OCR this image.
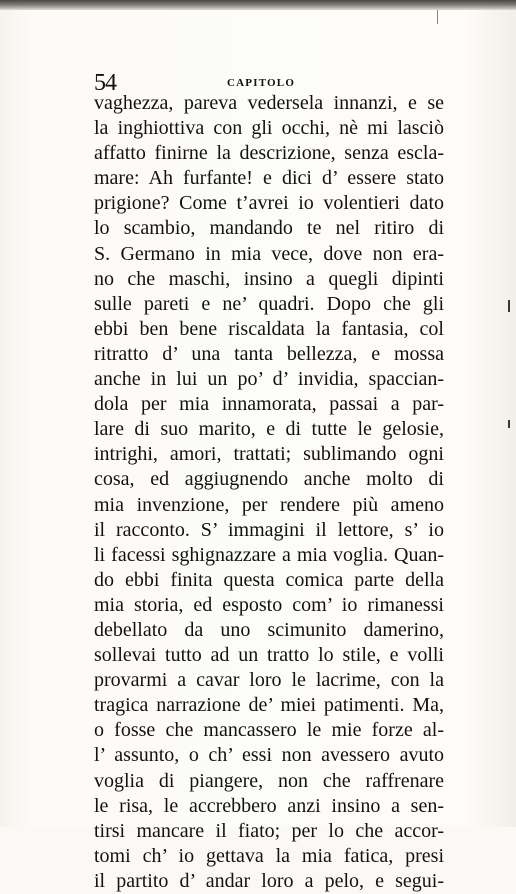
54	CAPITOLO
vaghezza, pareva vedersela innanzi, e se
la inghiottiva con gli occhi, nè mi lasciò
affatto finirne la descrizione, senza escla-
mare: Ah furfante! e dici d’ essere stato
prigione? Come t’avrei io volentieri dato
lo scambio, mandando te nel ritiro di
S. Germano in mia vece, dove non era-
no che maschi, insino a quegli dipinti
sulle pareti e ne’ quadri. Dopo che gli
ebbi ben bene riscaldata la fantasia, col
ritratto d’ una tanta bellezza, e mossa
anche in lui un po’ d’ invidia, spaccian-
dola per mia innamorata, passai a par-
lare di suo marito, e di tutte le gelosie,
intrighi, amori, trattati; sublimando ogni
cosa, ed aggiugnendo anche molto di
mia invenzione, per rendere più ameno
il racconto. S’ immagini il lettore, s’ io
li facessi sghignazzare a mia voglia. Quan-
do ebbi finita questa comica parte della
mia storia, ed esposto com’ io rimanessi
debellato da uno scimunito damerino,
sollevai tutto ad un tratto lo stile, e volli
provarmi a cavar loro le lacrime, con la
tragica narrazione de’ miei patimenti. Ma,
o fosse che mancassero le mie forze al-
l’ assunto, o ch’ essi non avessero avuto
voglia di piangere, non che raffrenare
le risa, le accrebbero anzi insino a sen-
tirsi mancare il fiato; per lo che accor-
tomi ch’ io gettava la mia fatica, presi
il partito d’ andar loro a pelo, e segui-
